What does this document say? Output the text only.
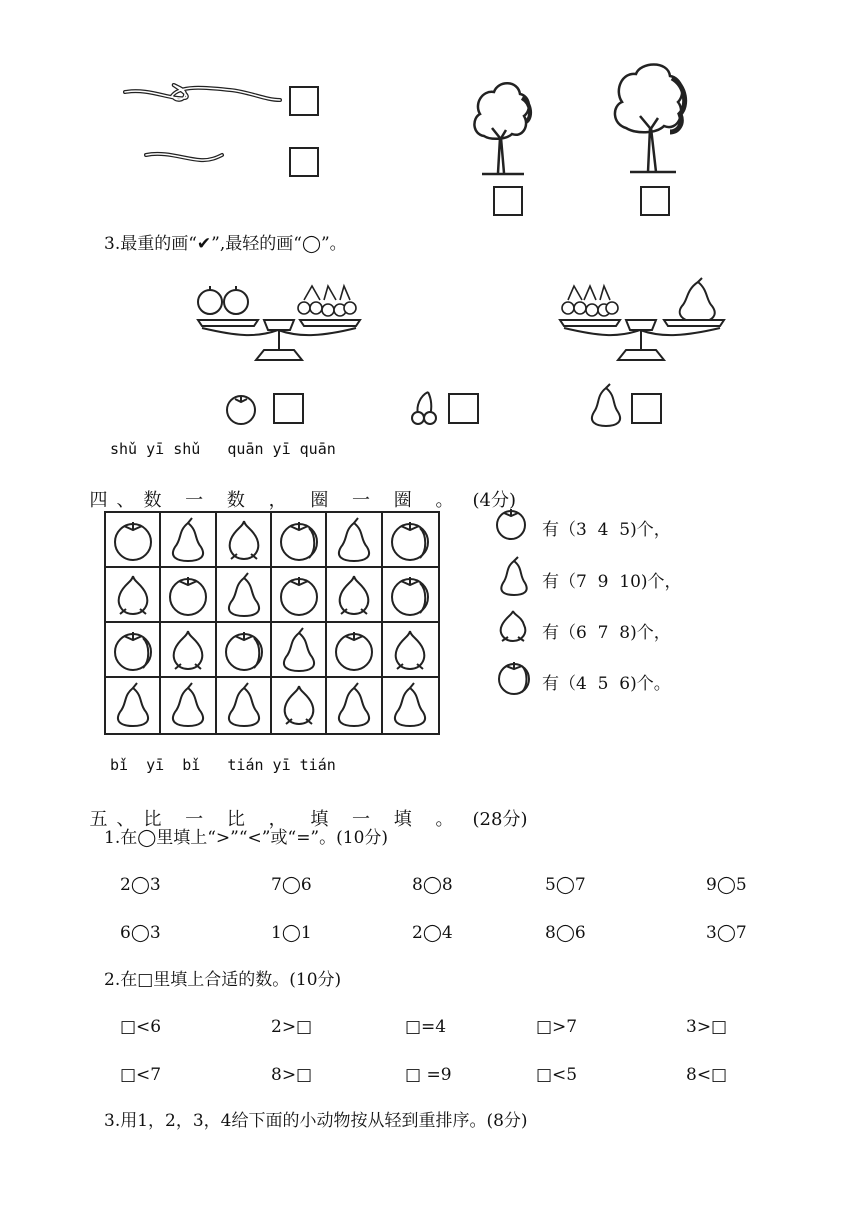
3.最重的画“✔”,最轻的画“◯”。
shǔ yī shǔ   quān yī quān

四、数 一 数 ， 圈 一 圈 。 (4分)

有（3  4  5)个，
有（7  9  10)个，
有（6  7  8)个，
有（4  5  6)个。
bǐ  yī  bǐ   tián yī tián

五、比 一 比 ， 填 一 填 。 (28分)

1.在◯里填上“>”“<”或“=”。(10分)
2◯3	7◯6	8◯8	5◯7	9◯5
6◯3	1◯1	2◯4	8◯6	3◯7
2.在□里填上合适的数。(10分)
□<6	2>□	□=4	□>7	3>□
□<7	8>□	□ =9	□<5	8<□
3.用1，2，3，4给下面的小动物按从轻到重排序。(8分)
